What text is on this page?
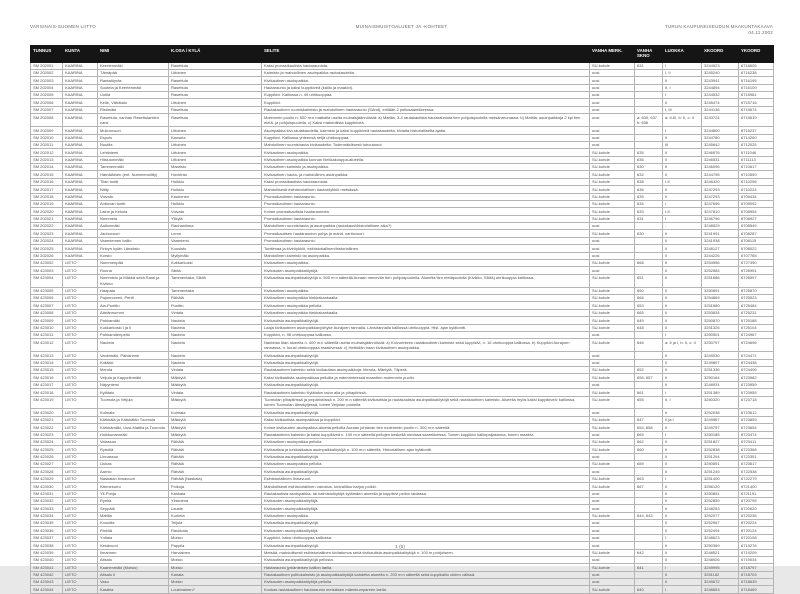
VARSINAIS-SUOMEN LIITTO	MUINAISMUISTOALUEET JA -KOHTEET	TURUN KAUPUNKISEUDUN MAAKUNTAKAAVA
04.11.2002
TUNNUS	KUNTA	NIMI	K.OSA / KYLÄ	SELITE	VANHA MERK.	VANHA SKNO	LUOKKA	XKOORD	YKOORD
SM 202001	KAARINA	Keertenmäki	Rasettula	Kaksi pronssikautista hautarauniota.	SU-kohde	631	I	3244923	6716605
SM 202002	KAARINA	Tämäpää	Littoinen	Kalmisto ja mahdollinen asuinpaikka rautakaudelta.	uusi		I, II	3245240	6716238
SM 202003	KAARINA	Rantatöyräs	Rasettula	Kivikautinen asuinpaikka.	uusi		II	3243941	6716195
SM 202004	KAARINA	Suutela ja Keertenmäki	Rasettula	Hautaraunio ja kaksi kuppikiveä (kallio ja maakivi).	uusi		II, I	3244894	6716109
SM 202005	KAARINA	Uotila	Rasettula	Kuppikivi. Kalliossa n. 49 uhrikuoppaa.	uusi		I	3244532	6715981
SM 202006	KAARINA	Kelle, Vähätalo	Littoinen	Kuppikivi.	uusi		II	3245474	6715716
SM 202007	KAARINA	Ristimäki	Rasettula	Rautakautinen ruumiskalmisto ja mahdollinen hautaraunio (SAnd), erillään 2 peltosaarekkeessa.	uusi		I, III	3244136	6715674
SM 202008	KAARINA	Rasettula, vanhan Rasettulantien varsi	Rasettula	Molemmin puolin n. 500 m:n matkalla useita muinaisjäännöksiä: a) Mattila, 3-4 rautakautista hautarauniota tien pohjoispuolella metsänreunassa. b) Mattila, asuinpaikkoja 2 kpl tien etelä- ja pohjoispuolella. c) Kaksi mahdollista kuppikiveä.	uusi	a: 630, 637 b: 636	a: II-III, b: II, c: II	3243724	6715619
SM 202009	KAARINA	Mukunvuori	Littoinen	Asuinpaikka kivi-rautakaudelta, kalmisto ja kaksi kuppikiveä rautakaudelta, kiviaita historialliselta ajalta.	uusi		I	3244800	6715237
SM 202010	KAARINA	Espois	Kausela	Kuppikivi. Kalliossa yhteensä neljä uhrikuoppaa.	uusi		II	3244780	6714260
SM 202011	KAARINA	Nuutila	Littoinen	Mahdollinen ruumishauta kivikaudelta. Todennäköisesti tuhoutunut.	uusi		III	3245842	6712025
SM 202012	KAARINA	Lehtiniemi	Littoinen	Kivikautinen asuinpaikka.	SU-kohde	635	II	3246976	6711046
SM 202013	KAARINA	Hiisiuunimäki	Littoinen	Kivikautinen asuinpaikka kunnan hiekkakuoppa-alueella.	SU-kohde	636	II	3246531	6711113
SM 202014	KAARINA	Tammenmäki	Maaristo	Kivikautinen kalmisto ja asuinpaikka.	SU-kohde	630	II	3246096	6710617
SM 202015	KAARINA	Hämäläinen (ent. Nummenniitty)	Hovirinta	Kivikautinen hauta- ja mahdollinen asuinpaikka.	SU-kohde	632	II	3244795	6710559
SM 202016	KAARINA	Tilan tontti	Hulkkio	Kaksi pronssikautista hautarauniota.	SU-kohde	638	I-II	3246320	6710256
SM 202017	KAARINA	Niitty	Hulkkio	Mahdollisesti esihistoriallinen hautaröykkiö metsässä.	SU-kohde	636	II	3247293	6710224
SM 202018	KAARINA	Voivala	Kaukonen	Pronssikautinen hautaraunio.	SU-kohde	639	II	3247293	6709434
SM 202019	KAARINA	Antiovan tontti	Hulkkio	Pronssikautinen hautaraunio.	SU-kohde	634	I	3247696	6709092
SM 202020	KAARINA	Laine ja Kekola	Voivala	Kolme pronssikautista hautarauniota.	SU-kohde	633	I-II	3247810	6708954
SM 202021	KAARINA	Nummela	Ylikylä	Pronssikautinen hautaraunio.	SU-kohde	631	I	3246796	6708927
SM 202022	KAARINA	Aallonmäki	Rauhanlinna	Mahdollinen ruumishauta ja asuinpaikka (rautakausi/historiallinen aika?)	uusi		-	3248529	6708549
SM 202023	KAARINA	Jauhovuori	Lemo	Pronssikautisen hautaraunion pohja ja mahd. vartiovuori.	SU-kohde	630	II	3241991	6708287
SM 202024	KAARINA	Vaarniemen kallio	Vaarniemi	Pronssikautinen hautaraunio.	uusi		II	3241938	6708115
SM 202025	KAARINA	Finbyn kylän Länsitalo	Kuusisto	Tonttimaa ja kiviröykkiö, esihistoriallinen/historiallinen	uusi		II	3248127	6708022
SM 202026	KAARINA	Korsto	Myllymäki	Mahdollinen kalmisto tai asuinpaikka.	uusi		II	3244226	6707765
SM 423002	LIETO	Nummenpää	Kukkarkoski	Kivikautinen asuinpaikka.	SU-kohde	668	II	3254956	6727390
SM 423003	LIETO	Ruona	Sikilä	Kivikauden asuinpaikkalöytöjä.	uusi		II	3252584	6726951
SM 423004	LIETO	Nummisto ja Mäkkä sekä Saari ja Kivikko	Tammentaka, Sikilä	Kivikautisia asuinpaikkalöytöjä n. 500 m:n säteellä Auraan menevän tien pohjoispuolella. Alueella tien eteläpuolella (Kivikko, Sikilä) uhrikuoppia kalliossa.	SU-kohde	651	II	3251686	6726597
SM 423005	LIETO	Haapala	Tammentaka	Kivikautinen asuinpaikka.	SU-kohde	650	II	3250891	6725870
SM 423006	LIETO	Pajonnummi, Pertti	Rähälä	Kivikautinen asuinpaikka hiekkakankaalla.	SU-kohde	666	II	3254869	6725523
SM 423007	LIETO	Ala-Punittu	Punittu	Kivikautinen asuinpaikka pellolla.	SU-kohde	653	II	3251580	6725484
SM 423008	LIETO	Äärtännummi	Vintala	Kivikautinen asuinpaikka hiekkakankaalla.	SU-kohde	665	II	3253834	6725231
SM 423009	LIETO	Pahkamäki	Nautela	Kivikautisia asuinpaikkalöytöjä.	SU-kohde	649	II	3250870	6725188
SM 423010	LIETO	Kukkarkoski I ja II	Nautela	Laaja kivikautinen asuinpaikkavyöhyke Aurajoen rannalla. Länsirannalla kalliossa uhrikuoppia. Hist. ajan kylätontti.	SU-kohde	648	II	3251326	6725104
SM 423011	LIETO	Pahkamäenpelto	Nautela	Kuppikivi, n. 98 uhrikuoppaa kalliossa.	uusi		I	3250501	6724967
SM 423012	LIETO	Nautela	Nautela	Nautelan tilan alueella n. 400 m:n säteellä useita muinaisjäännöksiä: a) Koivurinteen rautakautinen kalmisto sekä kuppikivi, n. 16 uhrikuoppia kalliossa. b) Kuppikivi Aurajoen rannassa, n. kuusi uhrikuoppaa maakivessä. c) Heikkilän haan kivikautinen asuinpaikka.	SU-kohde	646	a: II ja I, b: II, c: II	3250797	6724696
SM 423013	LIETO	Vankimäki, Päivärinne	Nautela	Kivikautisia asuinpaikkalöytöjä.	uusi		II	3249030	6724471
SM 423014	LIETO	Krääkki	Nautela	Kivikautisia asuinpaikkalöytöjä.	uusi		II	3249807	6724438
SM 423015	LIETO	Merola	Vintala	Rautakautinen kalmisto sekä kivikautisia asuinpaikkoja: Merola, Mäntylä, Täperä.	SU-kohde	652	II	3251336	6724406
SM 423016	LIETO	Veijula ja Kappelinmäki	Mäkkylä	Kaksi kivikautista asuinpaikkaa pelloilla ja mäenrinteessä maantien molemmin puolin.	SU-kohde	656, 657	II	3250164	6723982
SM 423017	LIETO	Näpyniemi	Mäkkylä	Kivikautisia asuinpaikkalöytöjä.	uusi		II	3248931	6723959
SM 423018	LIETO	Kylätalo	Vintala	Rautakautinen kalmisto Kylätalon talon alla ja pihapiirissä.	SU-kohde	661	I	3251389	6723955
SM 423019	LIETO	Tuomola ja Veijula	Mäkkylä	Tuomolan pihapiirissä ja ympäristössä n. 200 m:n säteellä kivikautisia ja rautakautisia asuinpaikkalöytöjä sekä rautakautinen kalmisto. Alueella myös kaksi kuppikiveä: kalliossa, toinen Tuomolan länsikyljessä, toinen Veijulan puolella.	SU-kohde	655	II, I	3250320	6723718
SM 423020	LIETO	Kuimala	Kuimala	Kivikautisia asuinpaikkalöytöjä.	uusi		II	3252038	6723612
SM 423021	LIETO	Kärkkälä ja Kärkkälän Tuomola	Mäkkylä	Kaksi kivikautista asuinpaikkaa ja kuppikivi.	SU-kohde	647	II ja I	3249967	6723859
SM 423022	LIETO	Kärkkämäki, Uusi-Mattila ja Tuomola	Mäkkylä	Kolme kivikauden asuinpaikka-aluetta pelloilla Auraan johtavan tien molemmin puolin n. 300 m:n säteellä.	SU-kohde	654, 658	II	3249797	6723654
SM 423023	LIETO	Hulkkunanmäki	Mäkkylä	Rautakautinen kalmisto ja kaksi kuppikiveä n. 100 m:n säteellä peltojen keskellä olevissa saarekkeissa. Toinen kuppikivi kalliopaljastuma, toinen maakivi.	uusi	669	I	3250185	6723474
SM 423024	LIETO	Valassuo	Rähälä	Kivikautinen asuinpaikka pellolla.	SU-kohde	662	II	3251827	6723411
SM 423025	LIETO	Rytsölä	Rähälä	Kivikautisia ja keskiaikaisia asuinpaikkalöytöjä n. 100 m:n säteellä. Historiallisen ajan kylätontti.	SU-kohde	660	II	3252838	6723368
SM 423026	LIETO	Linnassuo	Rähälä	Kivikautisia asuinpaikkalöytöjä.	uusi		II	3251294	6723351
SM 423027	LIETO	Liukas	Rähälä	Kivikautinen asuinpaikka pellolla.	SU-kohde	659	II	3250891	6723617
SM 423028	LIETO	Aarnio	Rähälä	Kivikautisia asuinpaikkalöytöjä.	uusi		II	3251245	6722538
SM 423029	LIETO	Naskalan linnavuori	Rähälä (Naskala)	Esihistoriallinen linnavuori.	SU-kohde	663	I	3251400	6722279
SM 423030	LIETO	Kärmesorro	Poikoja	Mahdollisesti esihistoriallinen varustus, kivivallitus harjun poikki.	SU-kohde	667	II	3256120	6721400
SM 423031	LIETO	Yli-Pohja	Kaskala	Rautakautisia asuinpaikka- tai kalmistolöytöjä kylämäen alueella ja kuppikivi pellon laidassa.	uusi		II	3250851	6721191
SM 423032	LIETO	Rynkä	Yliskulma	Kivikauden asuinpaikkalöytöjä.	uusi		II	3252859	6720795
SM 423033	LIETO	Seppälä	Lauste	Kivikauden asuinpaikkalöytöjä.	uusi		II	3248253	6720620
SM 423034	LIETO	Mattila	Kurkela	Kivikautinen asuinpaikka.	SU-kohde	644, 643	II	3252077	6720236
SM 423035	LIETO	Knuutila	Teijula	Kivikautisia asuinpaikkalöytöjä.	uusi		II	3252567	6720224
SM 423036	LIETO	Rinkilä	Raukkala	Kivikauden asuinpaikkalöytöjä.	uusi		II	3252494	6720124
SM 423037	LIETO	Yntiala	Moisio	Kuppikivi, kaksi uhrikuoppaa kalliossa.	uusi		I	3248623	6720108
SM 423038	LIETO	Kesävuori	Pappila	Kivikautisia asuinpaikkalöytöjä.	uusi		II	3250369	6719276
SM 423039	LIETO	Ilmarinen	Harviainen	Metsää, mahdollisesti esihistoriallinen kivilatomus sekä kivikautisia asuinpaikkalöytöjä n. 100 m pohjoiseen.	SU-kohde	642	II	3248521	6719209
SM 423040	LIETO	Aitsalo	Moisio	Kivikautisia asuinpaikkalöytöjä pellosta.	uusi		II	3248926	6719034
SM 423041	LIETO	Kaarlenmäki (Moisio)	Moisio	Hautaraunio jyrkänteisen kallion laella.	SU-kohde	641	I	3249995	6718797
SM 423042	LIETO	Aitsalo II	Kanala	Rautakautinen polttokalmisto ja asuinpaikkalöytöjä kahdelta alueelta n. 200 m:n säteellä sekä kuppikallio niiden välissä.	uusi		II	3251162	6718703
SM 423043	LIETO	Vasu	Moisio	Kivikauden asuinpaikkalöytöjä pellolla.	uusi		II	3249672	6718639
SM 423044	LIETO	Kastela	Loukinainen?	Kookas rautakautinen hautaraunio metsäisen mäenkumpareen laella.	SU-kohde	640	I	3248653	6718469
1 (6)
